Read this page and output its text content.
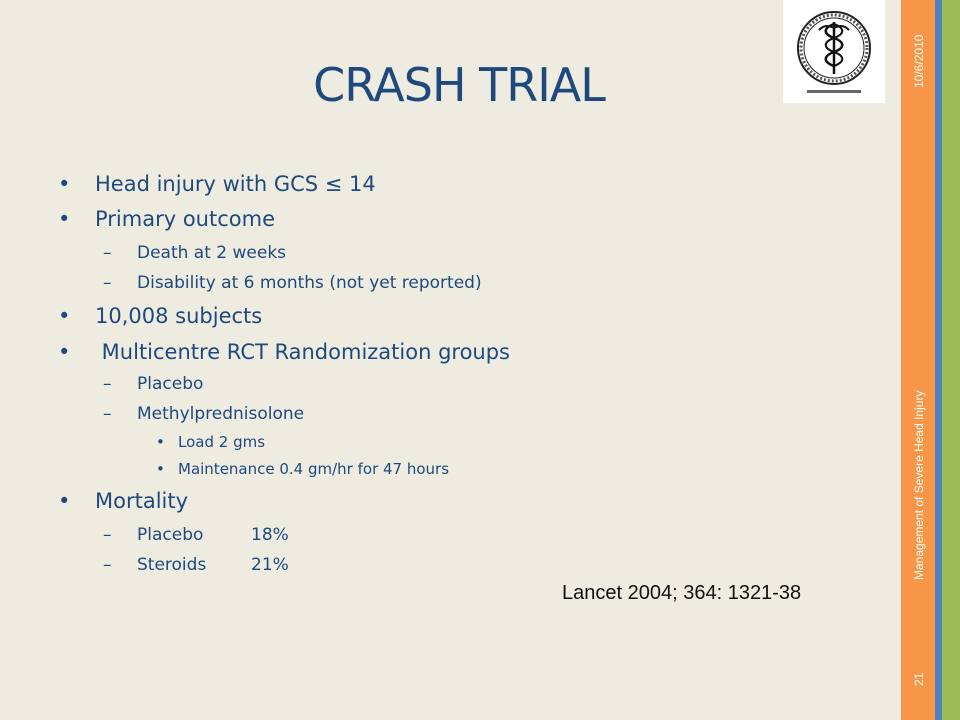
CRASH TRIAL
• Head injury with GCS ≤ 14
• Primary outcome
– Death at 2 weeks
– Disability at 6 months (not yet reported)
• 10,008 subjects
• Multicentre RCT Randomization groups
– Placebo
– Methylprednisolone
• Load 2 gms
• Maintenance 0.4 gm/hr for 47 hours
• Mortality
– Placebo	18%
– Steroids	21%
Lancet 2004; 364: 1321-38
10/6/2010
Management of Severe Head Injury
21
